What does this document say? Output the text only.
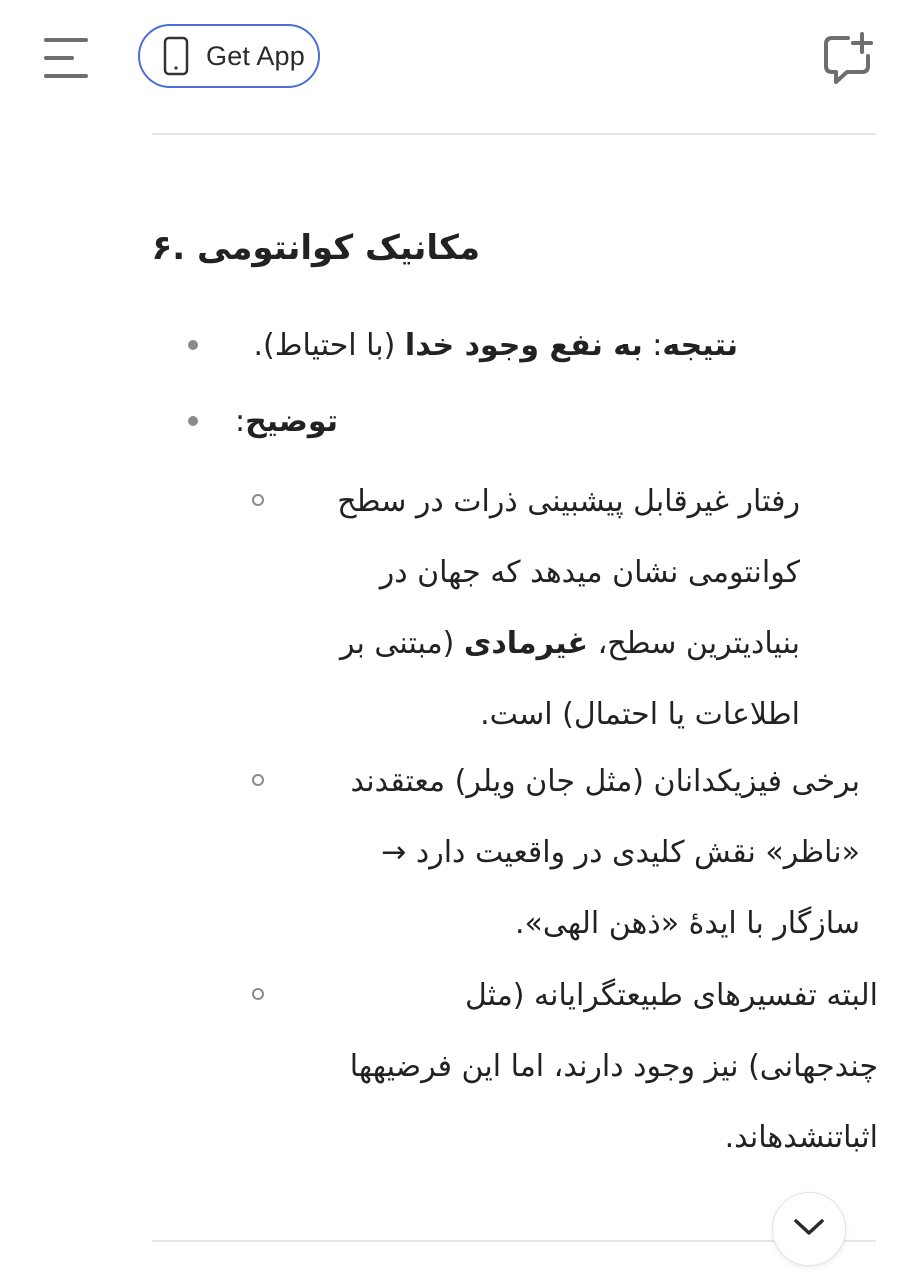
Get App
مکانیک کوانتومی .۶
نتیجه: به نفع وجود خدا (با احتیاط).
توضیح:
رفتار غیرقابل پیشبینی ذرات در سطح
کوانتومی نشان میدهد که جهان در
بنیادیترین سطح، غیرمادی (مبتنی بر
اطلاعات یا احتمال) است.
برخی فیزیکدانان (مثل جان ویلر) معتقدند
«ناظر» نقش کلیدی در واقعیت دارد →
سازگار با ایدهٔ «ذهن الهی».
البته تفسیرهای طبیعتگرایانه (مثل
چندجهانی) نیز وجود دارند، اما این فرضیهها
اثباتنشدهاند.
